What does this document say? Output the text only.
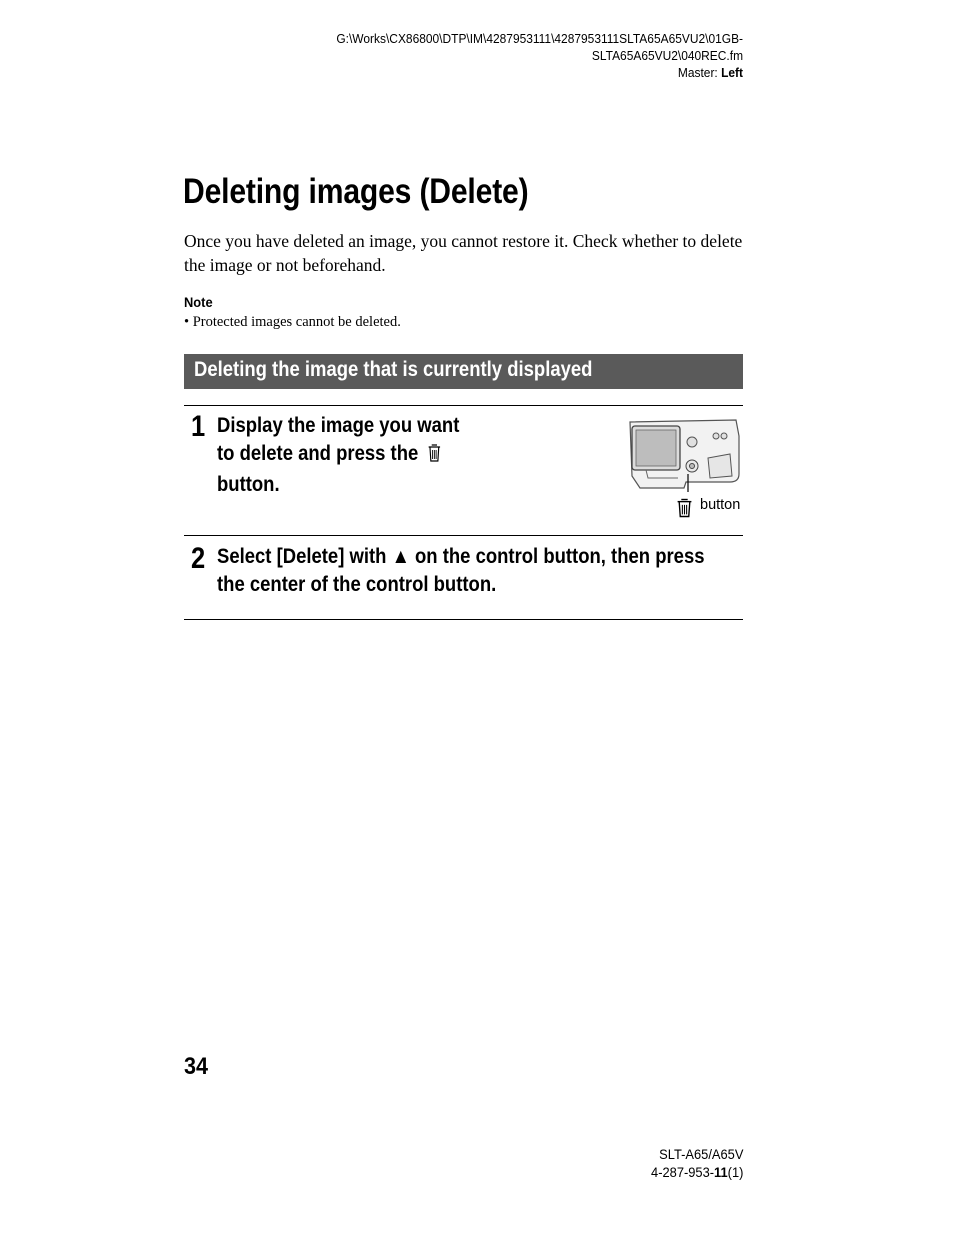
G:\Works\CX86800\DTP\IM\4287953111\4287953111SLTA65A65VU2\01GB-
SLTA65A65VU2\040REC.fm
Master: Left
Deleting images (Delete)
Once you have deleted an image, you cannot restore it. Check whether to delete the image or not beforehand.
Note
• Protected images cannot be deleted.
Deleting the image that is currently displayed
1 Display the image you want
to delete and press the
button.
button
2 Select [Delete] with ▲ on the control button, then press
the center of the control button.
34
SLT-A65/A65V
4-287-953-11(1)
